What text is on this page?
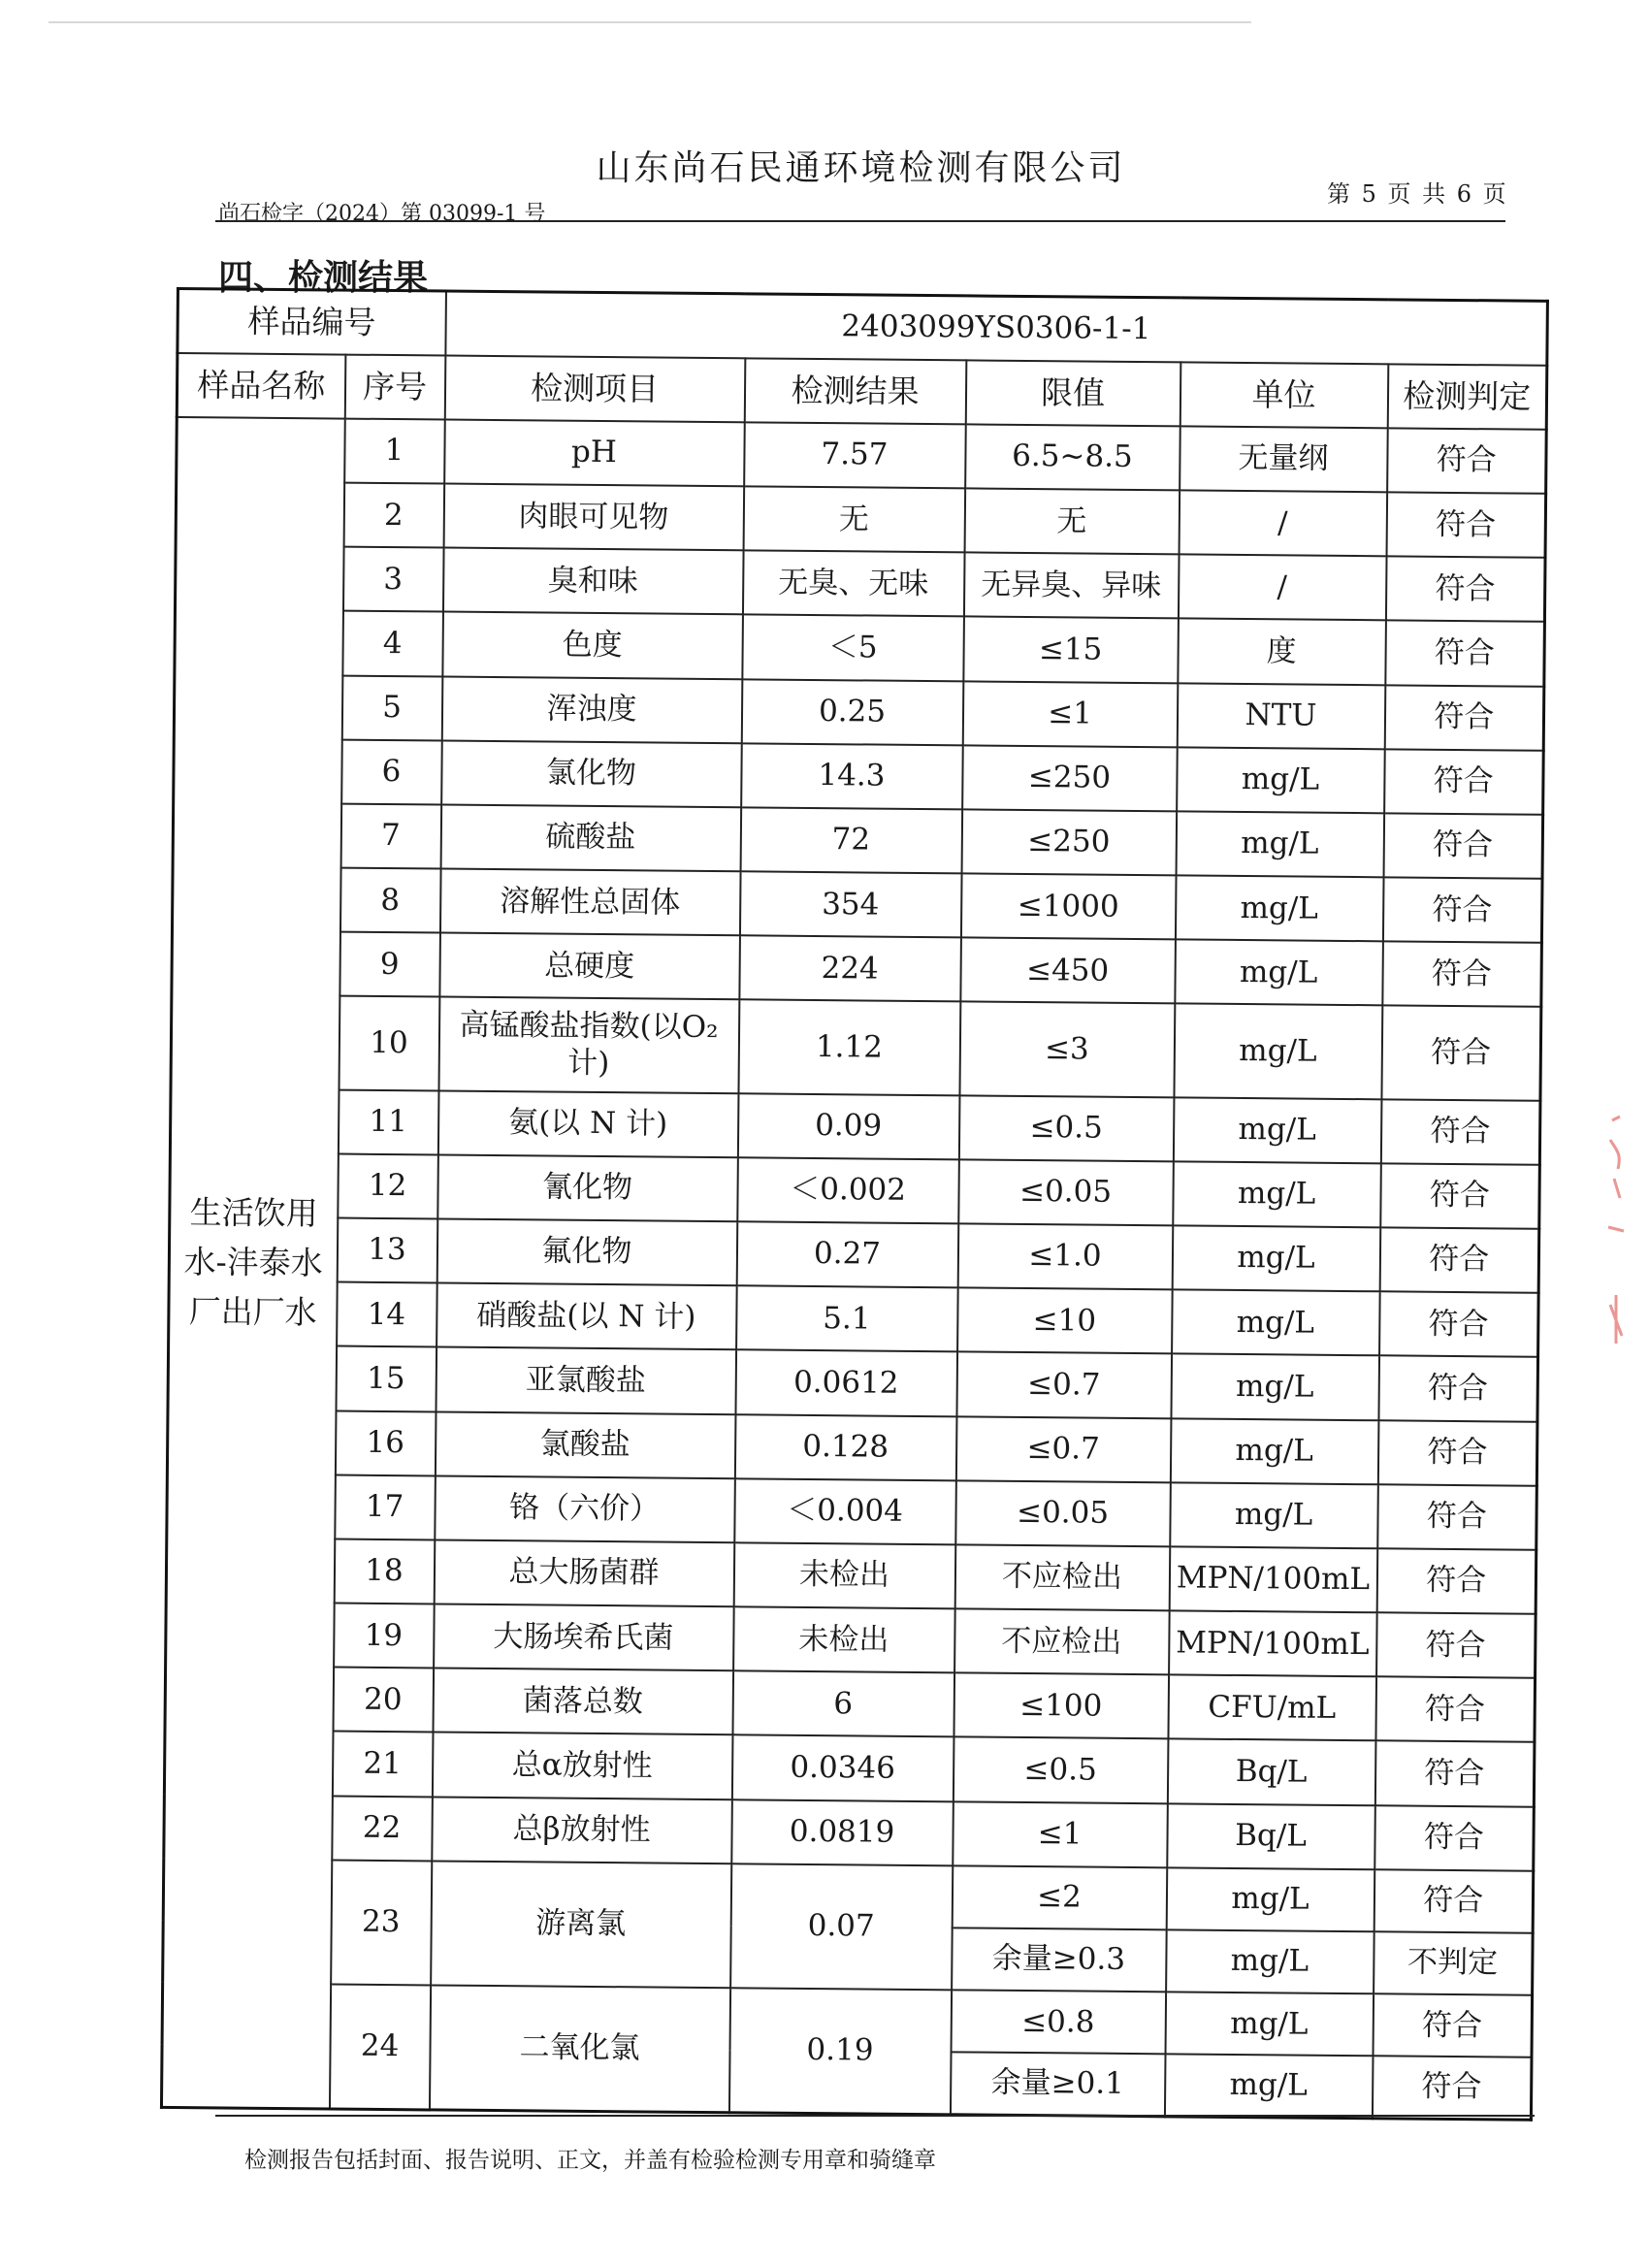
山东尚石民通环境检测有限公司
尚石检字（2024）第 03099-1 号
第 5 页 共 6 页
四、检测结果
样品编号		2403099YS0306-1-1				
样品名称	序号	检测项目	检测结果	限值	单位	检测判定
生活饮用水-沣泰水厂出厂水	1	pH	7.57	6.5~8.5	无量纲	符合
	2	肉眼可见物	无	无	/	符合
	3	臭和味	无臭、无味	无异臭、异味	/	符合
	4	色度	＜5	≤15	度	符合
	5	浑浊度	0.25	≤1	NTU	符合
	6	氯化物	14.3	≤250	mg/L	符合
	7	硫酸盐	72	≤250	mg/L	符合
	8	溶解性总固体	354	≤1000	mg/L	符合
	9	总硬度	224	≤450	mg/L	符合
	10	高锰酸盐指数(以O₂计)	1.12	≤3	mg/L	符合
	11	氨(以 N 计)	0.09	≤0.5	mg/L	符合
	12	氰化物	＜0.002	≤0.05	mg/L	符合
	13	氟化物	0.27	≤1.0	mg/L	符合
	14	硝酸盐(以 N 计)	5.1	≤10	mg/L	符合
	15	亚氯酸盐	0.0612	≤0.7	mg/L	符合
	16	氯酸盐	0.128	≤0.7	mg/L	符合
	17	铬（六价）	＜0.004	≤0.05	mg/L	符合
	18	总大肠菌群	未检出	不应检出	MPN/100mL	符合
	19	大肠埃希氏菌	未检出	不应检出	MPN/100mL	符合
	20	菌落总数	6	≤100	CFU/mL	符合
	21	总α放射性	0.0346	≤0.5	Bq/L	符合
	22	总β放射性	0.0819	≤1	Bq/L	符合
	23	游离氯	0.07	≤2	mg/L	符合
				余量≥0.3	mg/L	不判定
	24	二氧化氯	0.19	≤0.8	mg/L	符合
				余量≥0.1	mg/L	符合
检测报告包括封面、报告说明、正文，并盖有检验检测专用章和骑缝章
